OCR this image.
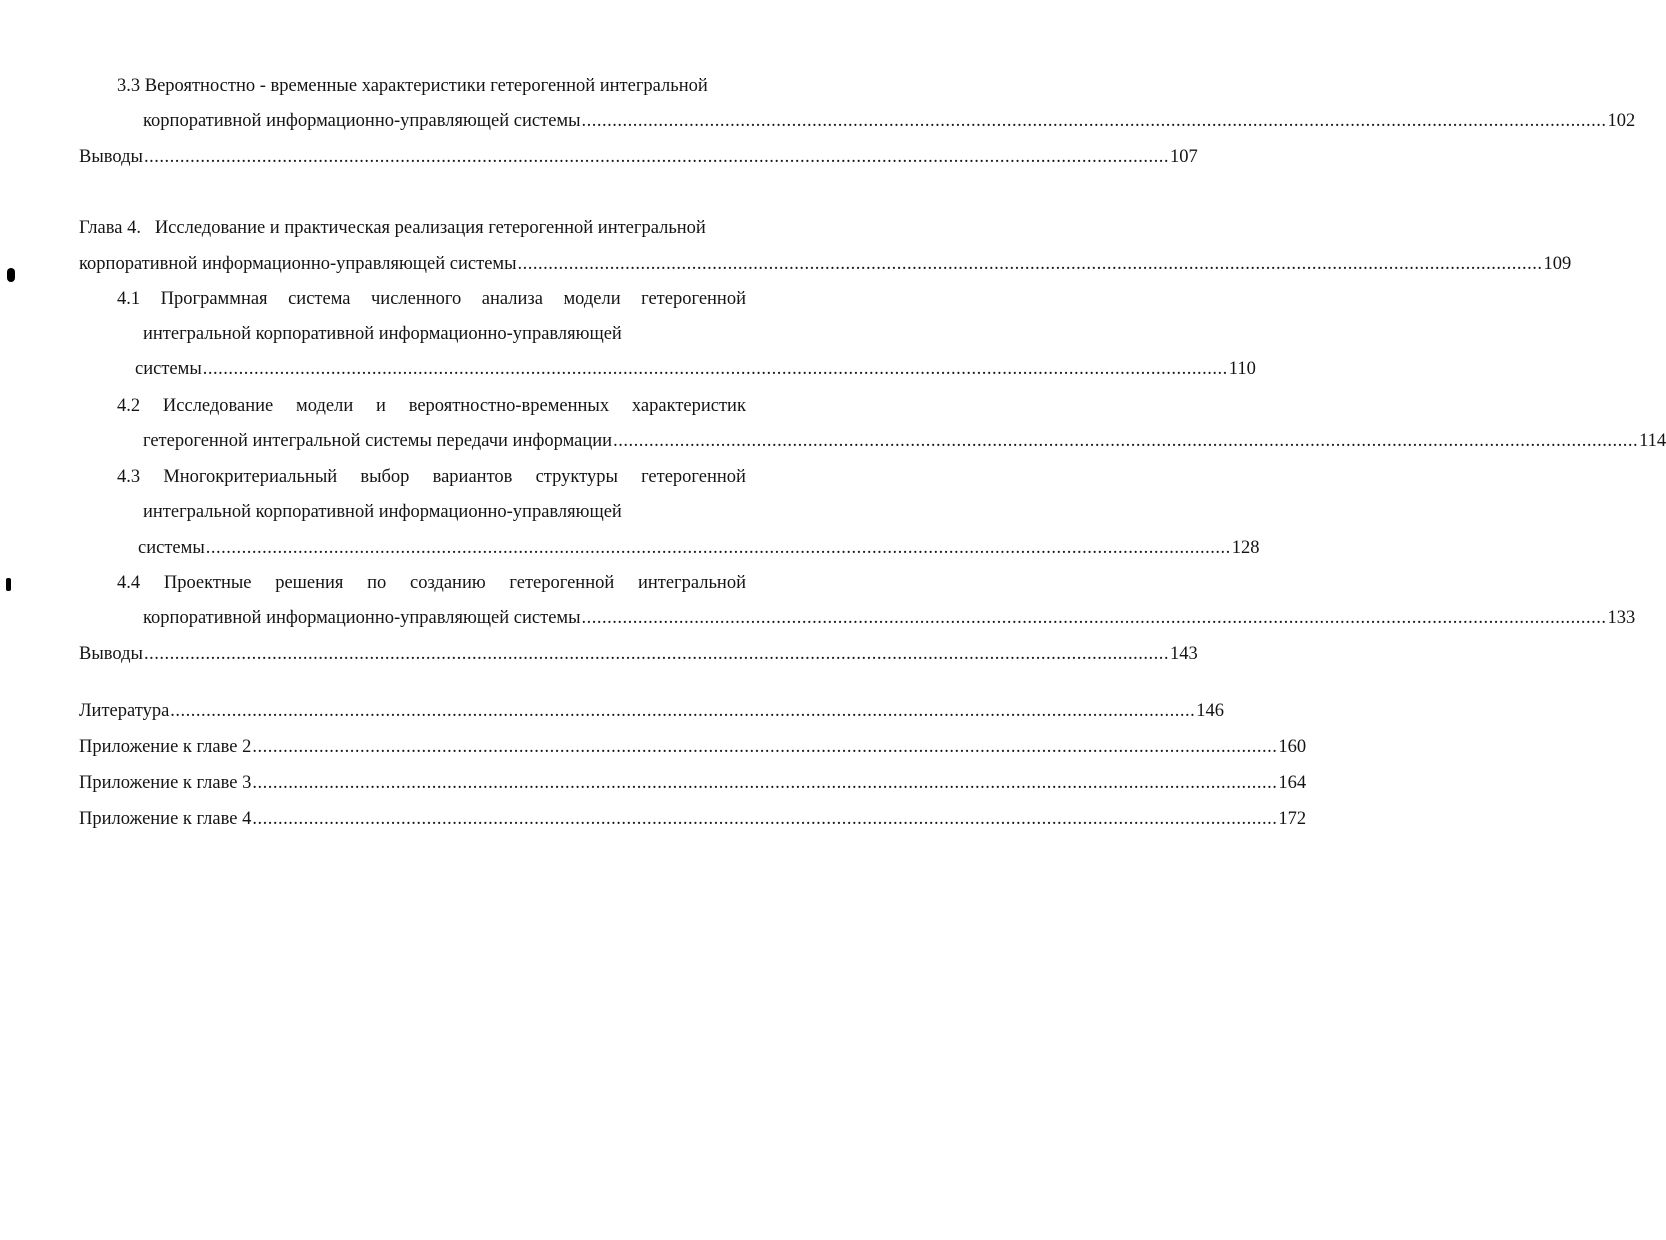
3.3 Вероятностно - временные характеристики гетерогенной интегральной
корпоративной информационно-управляющей системы ........................................................................................................................................................................................................ 102
Выводы ........................................................................................................................................................................................................ 107
Глава 4.   Исследование и практическая реализация гетерогенной интегральной
корпоративной информационно-управляющей системы ........................................................................................................................................................................................................ 109
4.1 Программная система численного анализа модели гетерогенной
интегральной корпоративной информационно-управляющей
системы ........................................................................................................................................................................................................ 110
4.2 Исследование модели и вероятностно-временных характеристик
гетерогенной интегральной системы передачи информации ........................................................................................................................................................................................................ 114
4.3 Многокритериальный выбор вариантов структуры гетерогенной
интегральной корпоративной информационно-управляющей
системы ........................................................................................................................................................................................................ 128
4.4 Проектные решения по созданию гетерогенной интегральной
корпоративной информационно-управляющей системы ........................................................................................................................................................................................................ 133
Выводы ........................................................................................................................................................................................................ 143
Литература ........................................................................................................................................................................................................ 146
Приложение к главе 2 ........................................................................................................................................................................................................ 160
Приложение к главе 3 ........................................................................................................................................................................................................ 164
Приложение к главе 4 ........................................................................................................................................................................................................ 172
